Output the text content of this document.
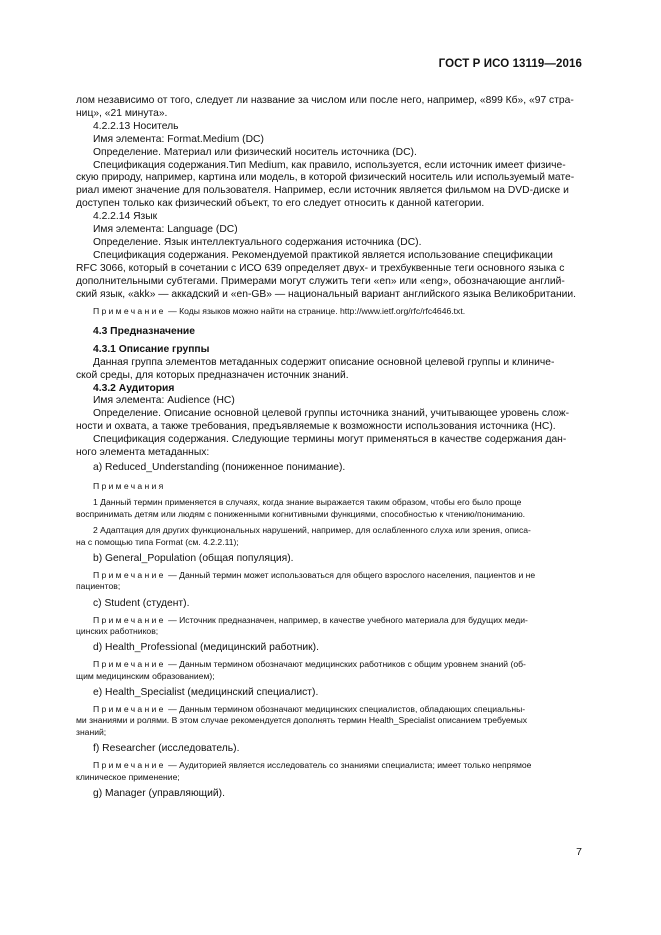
ГОСТ Р ИСО 13119—2016

лом независимо от того, следует ли название за числом или после него, например, «899 Кб», «97 стра-
ниц», «21 минута».

4.2.2.13 Носитель

Имя элемента: Format.Medium (DC)

Определение. Материал или физический носитель источника (DC).

Спецификация содержания.Тип Medium, как правило, используется, если источник имеет физиче-
скую природу, например, картина или модель, в которой физический носитель или используемый мате-
риал имеют значение для пользователя. Например, если источник является фильмом на DVD-диске и
доступен только как физический объект, то его следует относить к данной категории.

4.2.2.14 Язык

Имя элемента: Language (DC)

Определение. Язык интеллектуального содержания источника (DC).

Спецификация содержания. Рекомендуемой практикой является использование спецификации
RFC 3066, который в сочетании с ИСО 639 определяет двух- и трехбуквенные теги основного языка с
дополнительными субтегами. Примерами могут служить теги «en» или «eng», обозначающие англий-
ский язык, «akk» — аккадский и «en-GB» — национальный вариант английского языка Великобритании.

Примечание — Коды языков можно найти на странице. http://www.ietf.org/rfc/rfc4646.txt.

4.3 Предназначение

4.3.1 Описание группы

Данная группа элементов метаданных содержит описание основной целевой группы и клиниче-
ской среды, для которых предназначен источник знаний.

4.3.2 Аудитория

Имя элемента: Audience (HC)

Определение. Описание основной целевой группы источника знаний, учитывающее уровень слож-
ности и охвата, а также требования, предъявляемые к возможности использования источника (HC).

Спецификация содержания. Следующие термины могут применяться в качестве содержания дан-
ного элемента метаданных:

a) Reduced_Understanding (пониженное понимание).

Примечания

1 Данный термин применяется в случаях, когда знание выражается таким образом, чтобы его было проще
воспринимать детям или людям с пониженными когнитивными функциями, способностью к чтению/пониманию.

2 Адаптация для других функциональных нарушений, например, для ослабленного слуха или зрения, описа-
на с помощью типа Format (см. 4.2.2.11);

b) General_Population (общая популяция).

Примечание — Данный термин может использоваться для общего взрослого населения, пациентов и не
пациентов;

c) Student (студент).

Примечание — Источник предназначен, например, в качестве учебного материала для будущих меди-
цинских работников;

d) Health_Professional (медицинский работник).

Примечание — Данным термином обозначают медицинских работников с общим уровнем знаний (об-
щим медицинским образованием);

e) Health_Specialist (медицинский специалист).

Примечание — Данным термином обозначают медицинских специалистов, обладающих специальны-
ми знаниями и ролями. В этом случае рекомендуется дополнять термин Health_Specialist описанием требуемых
знаний;

f) Researcher (исследователь).

Примечание — Аудиторией является исследователь со знаниями специалиста; имеет только непрямое
клиническое применение;

g) Manager (управляющий).

7
